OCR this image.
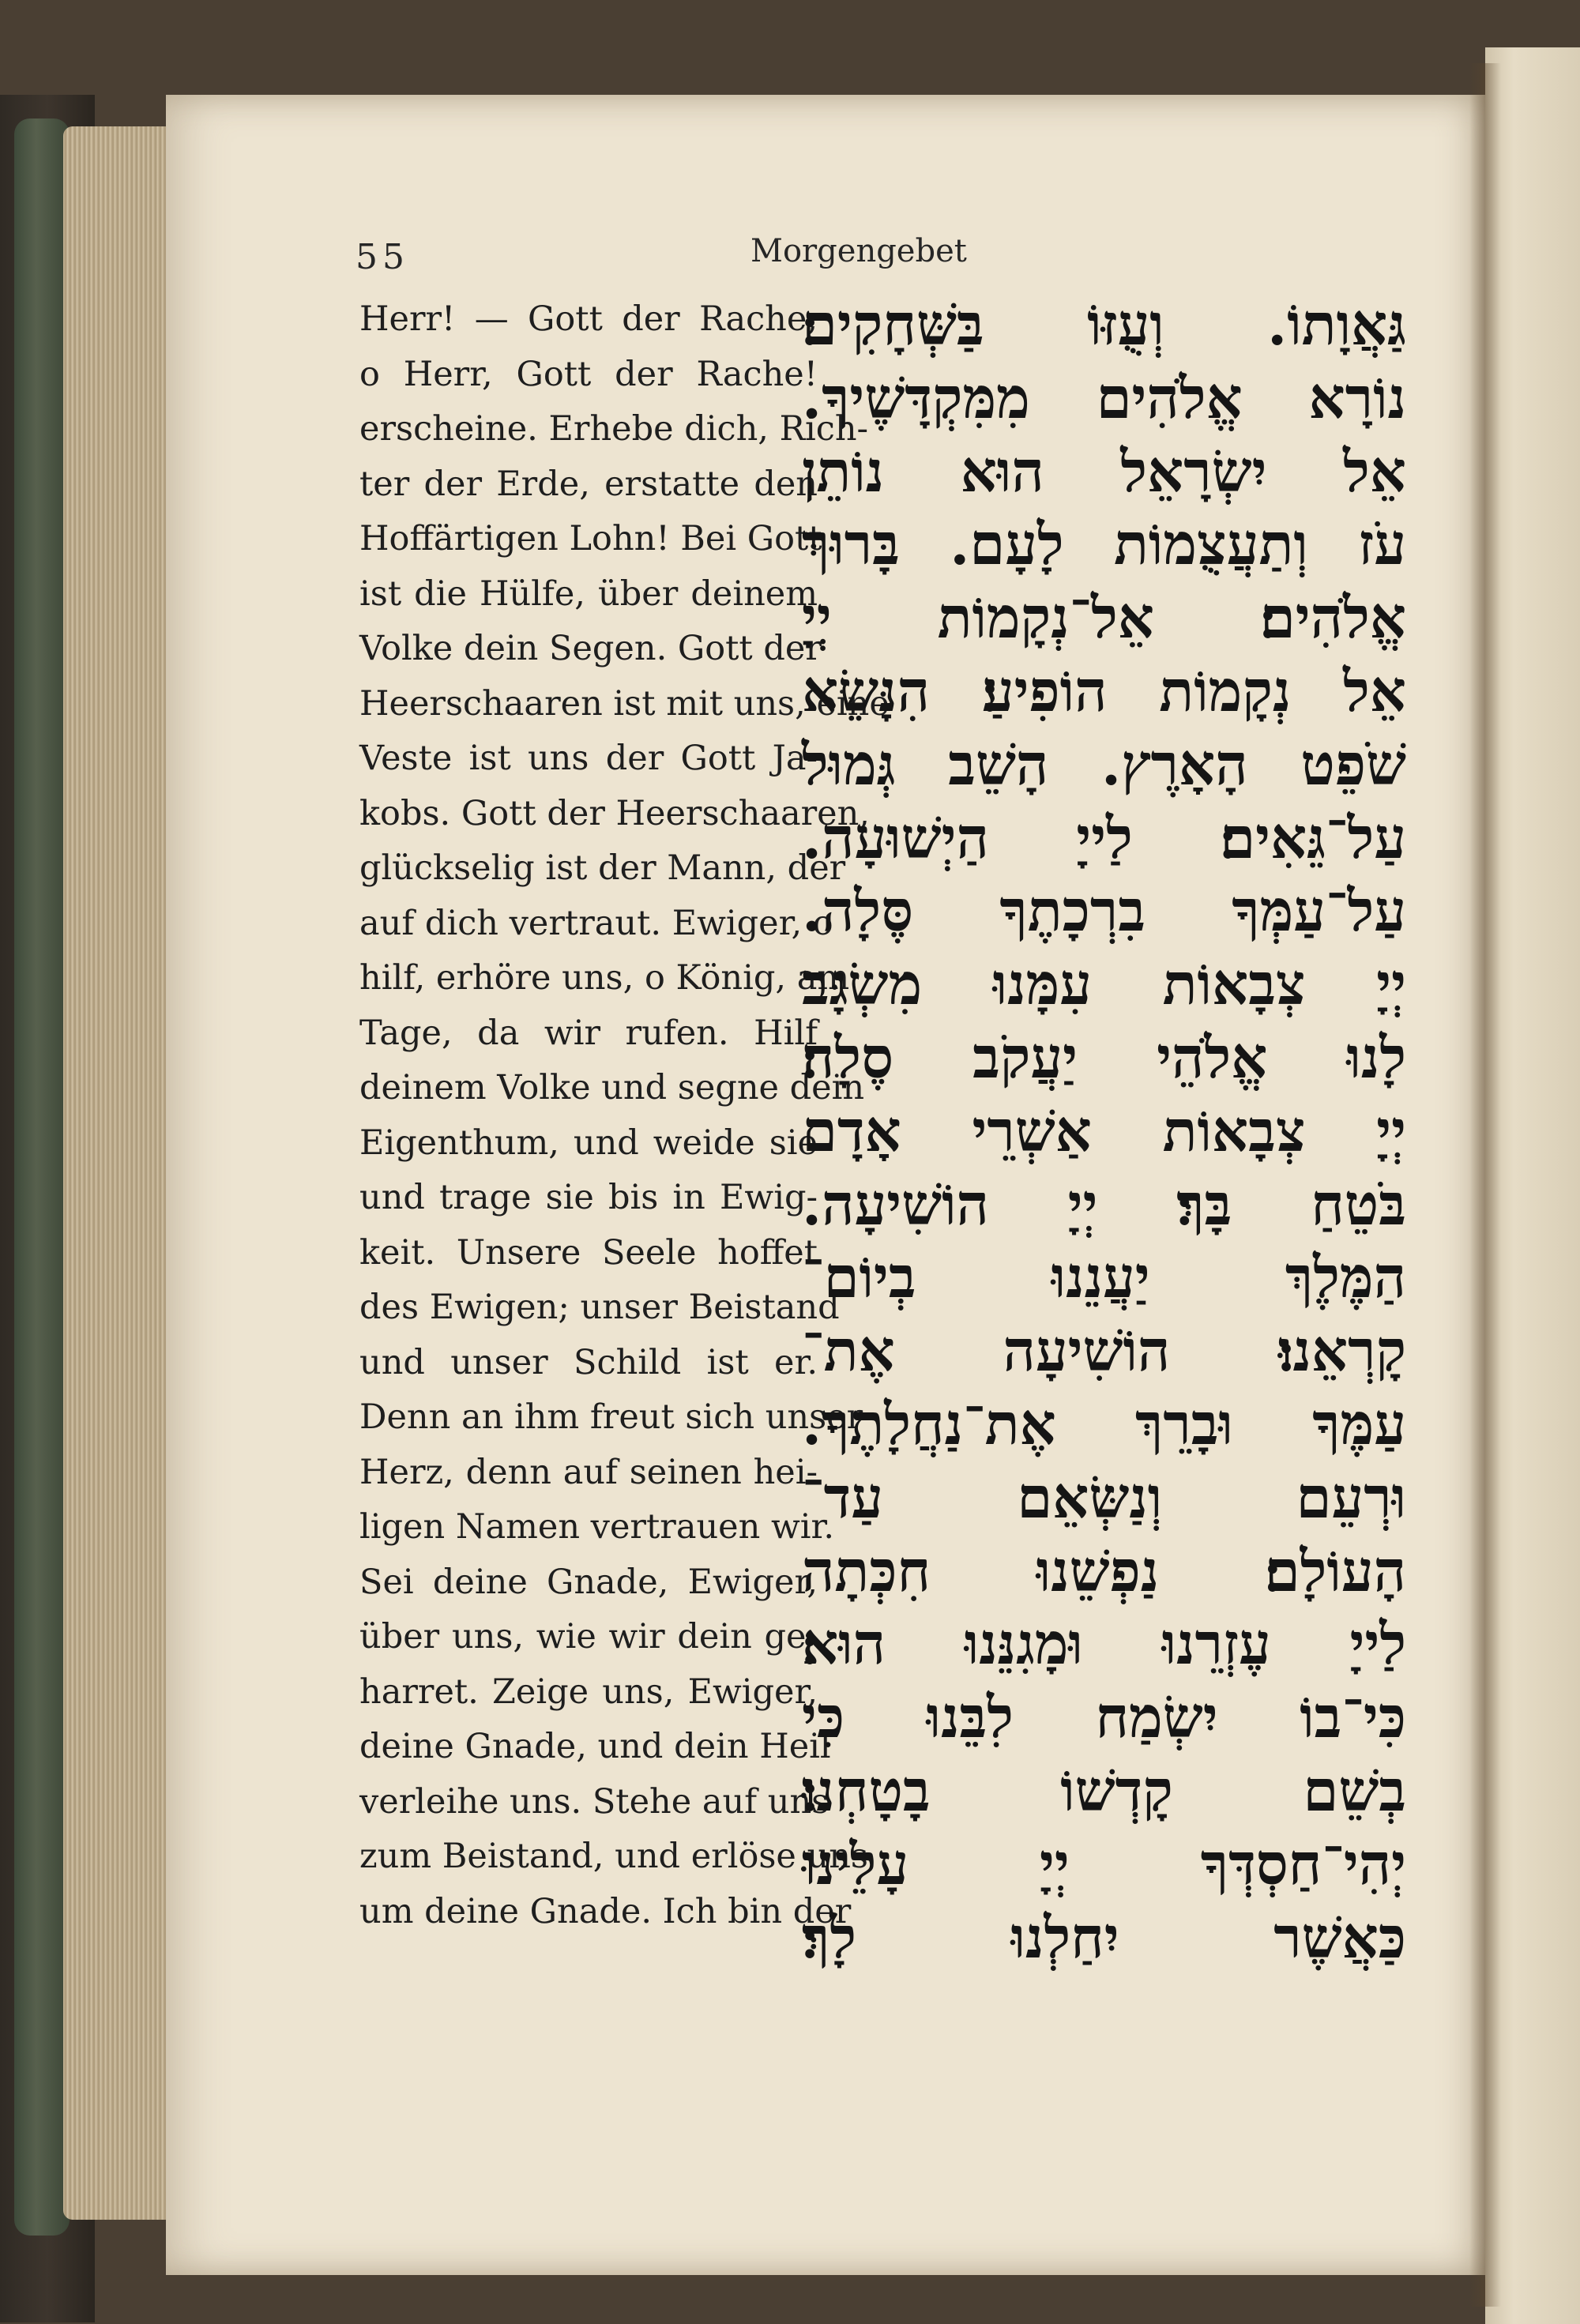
55	Morgengebet
Herr! — Gott der Rache,
o Herr, Gott der Rache!
erscheine. Erhebe dich, Rich-
ter der Erde, erstatte den
Hoffärtigen Lohn! Bei Gott
ist die Hülfe, über deinem
Volke dein Segen. Gott der
Heerschaaren ist mit uns, eine
Veste ist uns der Gott Ja-
kobs. Gott der Heerschaaren,
glückselig ist der Mann, der
auf dich vertraut. Ewiger, o
hilf, erhöre uns, o König, am
Tage, da wir rufen. Hilf
deinem Volke und segne dein
Eigenthum, und weide sie
und trage sie bis in Ewig-
keit. Unsere Seele hoffet
des Ewigen; unser Beistand
und unser Schild ist er.
Denn an ihm freut sich unser
Herz, denn auf seinen hei-
ligen Namen vertrauen wir.
Sei deine Gnade, Ewiger,
über uns, wie wir dein ge-
harret. Zeige uns, Ewiger,
deine Gnade, und dein Heil
verleihe uns. Stehe auf uns
zum Beistand, und erlöse uns
um deine Gnade. Ich bin der
גַּאֲוָתוֹ. וְעֻזּוֹ בַּשְּׁחָקִים׃
נוֹרָא אֱלֹהִים מִמִּקְדָּשֶׁיךָ.
אֵל יִשְׂרָאֵל הוּא נוֹתֵן
עֹז וְתַעֲצֻמוֹת לָעָם. בָּרוּךְ
אֱלֹהִים׃ אֵל־נְקָמוֹת יְיָ
אֵל נְקָמוֹת הוֹפִיעַ׃ הִנָּשֵׂא
שֹׁפֵט הָאָרֶץ. הָשֵׁב גְּמוּל
עַל־גֵּאִים׃ לַייָ הַיְשׁוּעָה.
עַל־עַמְּךָ בִרְכָתֶךָ סֶּלָה.
יְיָ צְבָאוֹת עִמָּנוּ מִשְׂגָּב
לָנוּ אֱלֹהֵי יַעֲקֹב סֶלָה׃
יְיָ צְבָאוֹת אַשְׁרֵי אָדָם
בֹּטֵחַ בָּךְ׃ יְיָ הוֹשִׁיעָה.
הַמֶּלֶךְ יַעֲנֵנוּ בְיוֹם־
קָרְאֵנוּ׃ הוֹשִׁיעָה אֶת־
עַמֶּךָ וּבָרֵךְ אֶת־נַחֲלָתֶךָ.
וּרְעֵם וְנַשְּׂאֵם עַד־
הָעוֹלָם׃ נַפְשֵׁנוּ חִכְּתָה
לַייָ עֶזְרֵנוּ וּמָגִנֵּנוּ הוּא׃
כִּי־בוֹ יִשְׂמַח לִבֵּנוּ כִּי
בְשֵׁם קָדְשׁוֹ בָטָחְנוּ׃
יְהִי־חַסְדְּךָ יְיָ עָלֵינוּ
כַּאֲשֶׁר יִחַלְנוּ לָךְ׃
